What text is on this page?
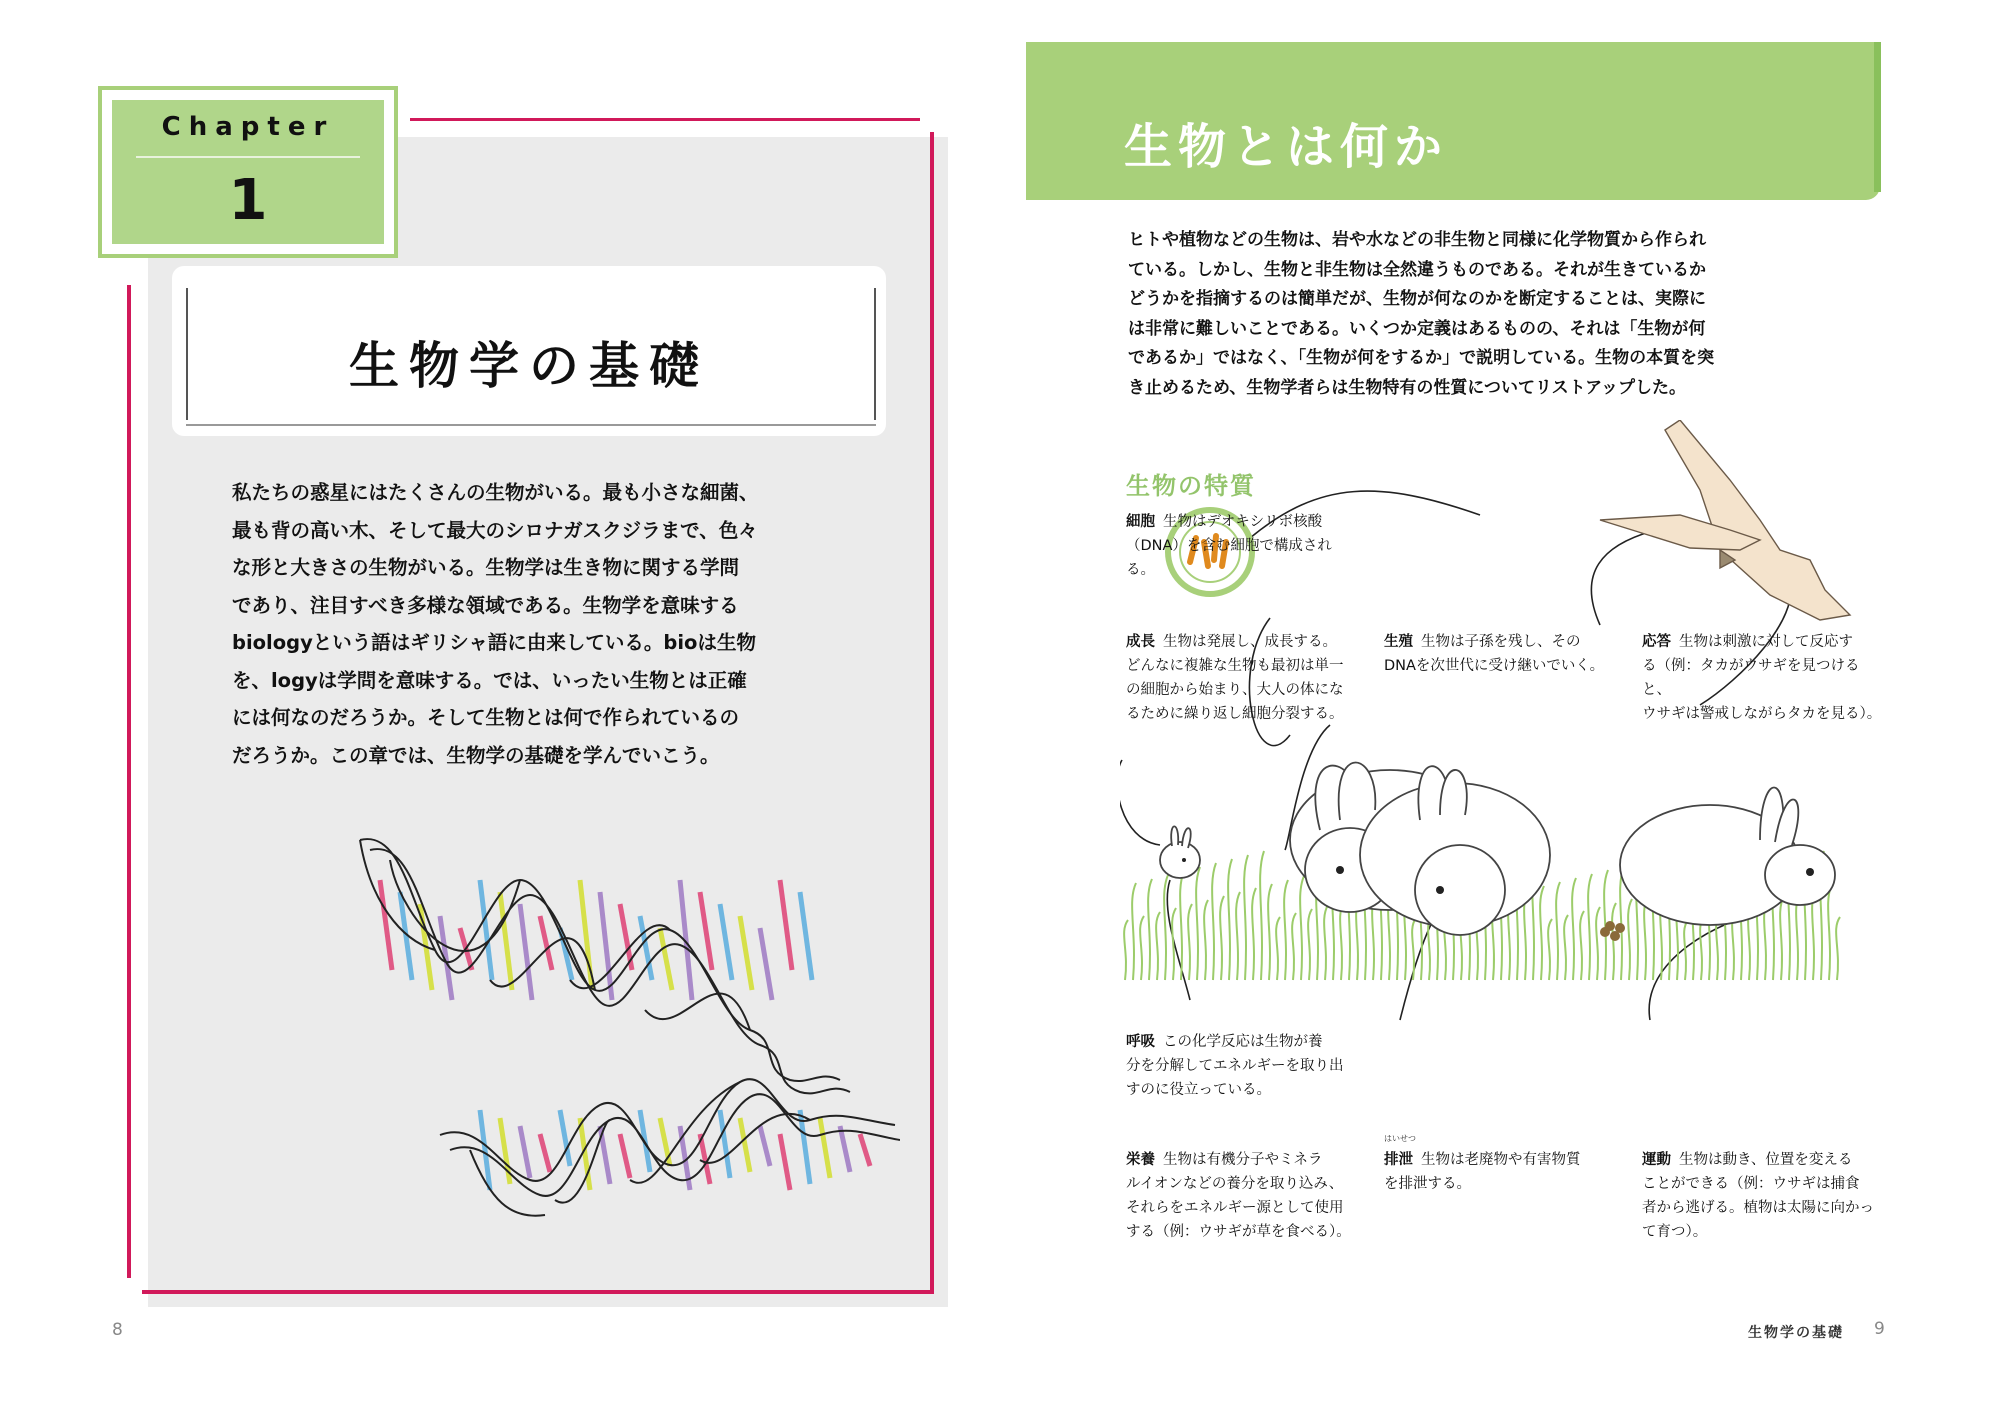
Chapter
1
生物学の基礎
私たちの惑星にはたくさんの生物がいる。最も小さな細菌、
最も背の高い木、そして最大のシロナガスクジラまで、色々
な形と大きさの生物がいる。生物学は生き物に関する学問
であり、注目すべき多様な領域である。生物学を意味する
biologyという語はギリシャ語に由来している。bioは生物
を、logyは学問を意味する。では、いったい生物とは正確
には何なのだろうか。そして生物とは何で作られているの
だろうか。この章では、生物学の基礎を学んでいこう。
8
生物とは何か
ヒトや植物などの生物は、岩や水などの非生物と同様に化学物質から作られ
ている。しかし、生物と非生物は全然違うものである。それが生きているか
どうかを指摘するのは簡単だが、生物が何なのかを断定することは、実際に
は非常に難しいことである。いくつか定義はあるものの、それは「生物が何
であるか」ではなく、「生物が何をするか」で説明している。生物の本質を突
き止めるため、生物学者らは生物特有の性質についてリストアップした。
生物の特質
細胞 生物はデオキシリボ核酸
（DNA）を含む細胞で構成され
る。
成長 生物は発展し、成長する。
どんなに複雑な生物も最初は単一
の細胞から始まり、大人の体にな
るために繰り返し細胞分裂する。
生殖 生物は子孫を残し、その
DNAを次世代に受け継いでいく。
応答 生物は刺激に対して反応す
る（例：タカがウサギを見つけると、
ウサギは警戒しながらタカを見る）。
呼吸 この化学反応は生物が養
分を分解してエネルギーを取り出
すのに役立っている。
栄養 生物は有機分子やミネラ
ルイオンなどの養分を取り込み、
それらをエネルギー源として使用
する（例：ウサギが草を食べる）。
はいせつ
排泄 生物は老廃物や有害物質
を排泄する。
運動 生物は動き、位置を変える
ことができる（例：ウサギは捕食
者から逃げる。植物は太陽に向かっ
て育つ）。
生物学の基礎 9
